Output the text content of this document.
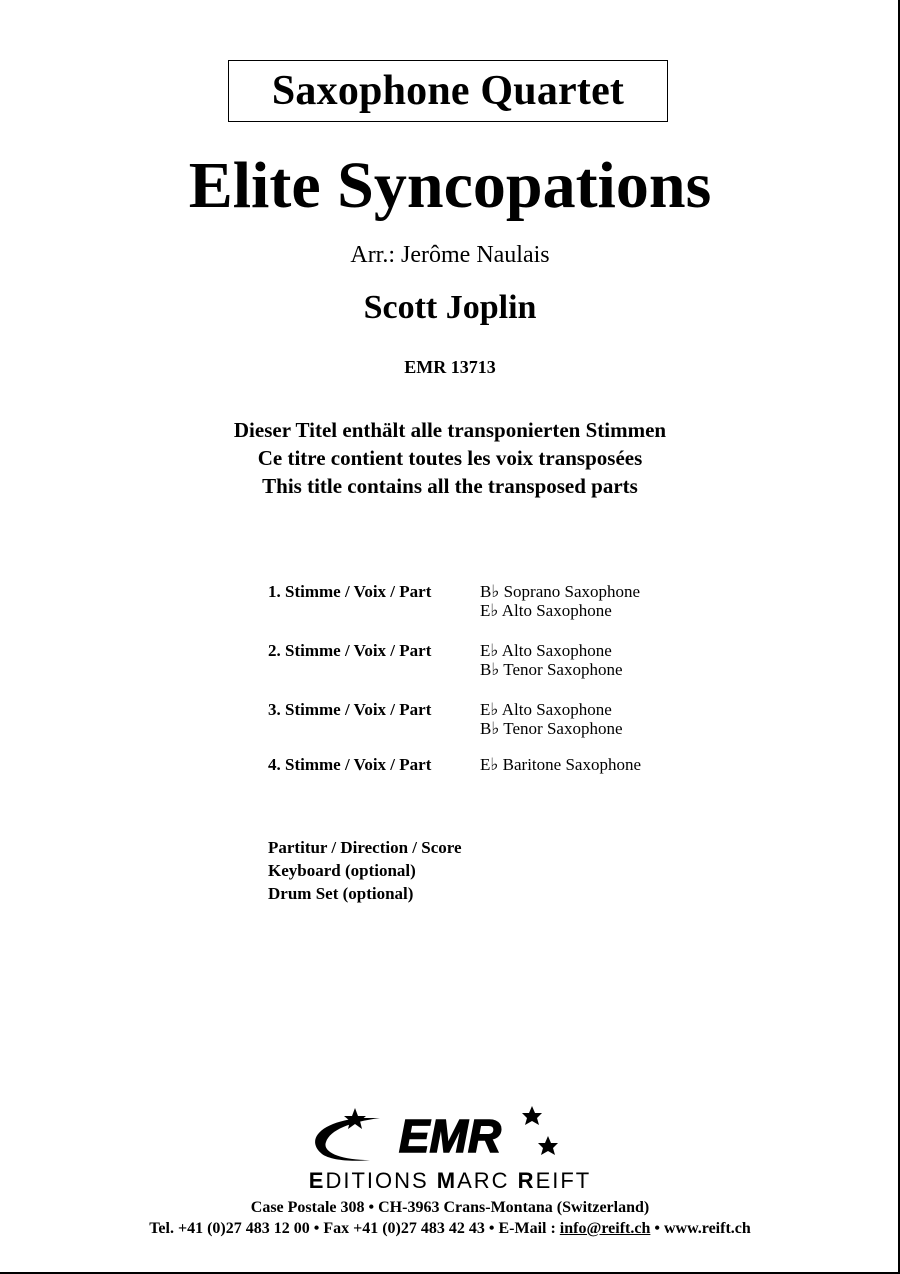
Saxophone Quartet
Elite Syncopations
Arr.: Jerôme Naulais
Scott Joplin
EMR 13713
Dieser Titel enthält alle transponierten Stimmen
Ce titre contient toutes les voix transposées
This title contains all the transposed parts
1. Stimme / Voix / Part	B♭ Soprano Saxophone
E♭ Alto Saxophone
2. Stimme / Voix / Part	E♭ Alto Saxophone
B♭ Tenor Saxophone
3. Stimme / Voix / Part	E♭ Alto Saxophone
B♭ Tenor Saxophone
4. Stimme / Voix / Part	E♭ Baritone Saxophone
Partitur / Direction / Score
Keyboard (optional)
Drum Set (optional)
EMR
EDITIONS MARC REIFT
Case Postale 308 • CH-3963 Crans-Montana (Switzerland)
Tel. +41 (0)27 483 12 00 • Fax +41 (0)27 483 42 43 • E-Mail : info@reift.ch • www.reift.ch
